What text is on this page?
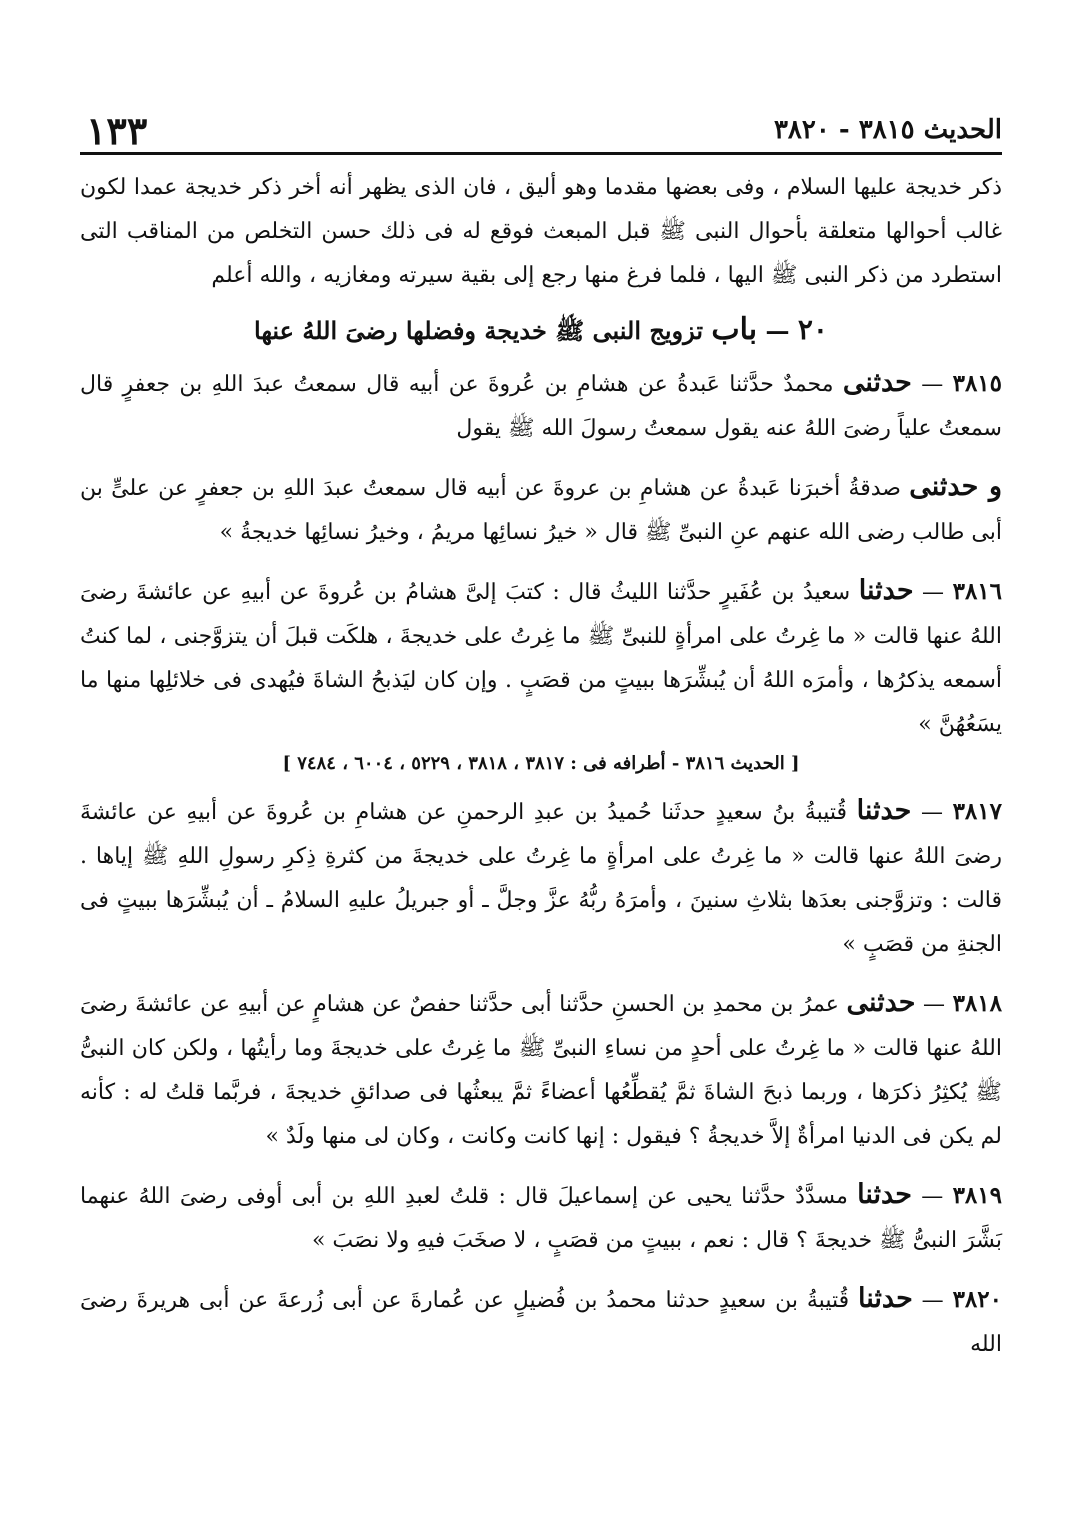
الحديث ٣٨١٥ - ٣٨٢٠
١٣٣

ذكر خديجة عليها السلام ، وفى بعضها مقدما وهو أليق ، فان الذى يظهر أنه أخر ذكر خديجة عمدا لكون غالب أحوالها متعلقة بأحوال النبى ﷺ قبل المبعث فوقع له فى ذلك حسن التخلص من المناقب التى استطرد من ذكر النبى ﷺ اليها ، فلما فرغ منها رجع إلى بقية سيرته ومغازيه ، والله أعلم

٢٠ — باب تزويج النبى ﷺ خديجة وفضلها رضىَ اللهُ عنها

٣٨١٥ — حدثنى محمدٌ حدَّثنا عَبدةُ عن هشامِ بن عُروةَ عن أبيه قال سمعتُ عبدَ اللهِ بن جعفرٍ قال سمعتُ علياً رضىَ اللهُ عنه يقول سمعتُ رسولَ الله ﷺ يقول

و حدثنى صدقةُ أخبرَنا عَبدةُ عن هشامِ بن عروةَ عن أبيه قال سمعتُ عبدَ اللهِ بن جعفرٍ عن علىٍّ بن أبى طالب رضى الله عنهم عنِ النبىِّ ﷺ قال « خيرُ نسائِها مريمُ ، وخيرُ نسائِها خديجةُ »

٣٨١٦ — حدثنا سعيدُ بن عُفَيرٍ حدَّثنا الليثُ قال : كتبَ إلىَّ هشامُ بن عُروةَ عن أبيهِ عن عائشةَ رضىَ اللهُ عنها قالت « ما غِرتُ على امرأةٍ للنبىِّ ﷺ ما غِرتُ على خديجةَ ، هلكَت قبلَ أن يتزوَّجنى ، لما كنتُ أسمعه يذكرُها ، وأمرَه اللهُ أن يُبشِّرَها ببيتٍ من قصَبٍ . وإن كان ليَذبحُ الشاةَ فيُهدى فى خلائلِها منها ما يسَعُهُنَّ »

[ الحديث ٣٨١٦ - أطرافه فى : ٣٨١٧ ، ٣٨١٨ ، ٥٢٢٩ ، ٦٠٠٤ ، ٧٤٨٤ ]

٣٨١٧ — حدثنا قُتيبةُ بنُ سعيدٍ حدثَنا حُميدُ بن عبدِ الرحمنِ عن هشامِ بن عُروةَ عن أبيهِ عن عائشةَ رضىَ اللهُ عنها قالت « ما غِرتُ على امرأةٍ ما غِرتُ على خديجةَ من كثرةِ ذِكرِ رسولِ اللهِ ﷺ إياها . قالت : وتزوَّجنى بعدَها بثلاثِ سنينَ ، وأمرَهُ ربُّهُ عزَّ وجلَّ ـ أو جبريلُ عليهِ السلامُ ـ أن يُبشِّرَها ببيتٍ فى الجنةِ من قصَبٍ »

٣٨١٨ — حدثنى عمرُ بن محمدِ بن الحسنِ حدَّثنا أبى حدَّثنا حفصٌ عن هشامٍ عن أبيهِ عن عائشةَ رضىَ اللهُ عنها قالت « ما غِرتُ على أحدٍ من نساءِ النبىِّ ﷺ ما غِرتُ على خديجةَ وما رأيتُها ، ولكن كان النبىُّ ﷺ يُكثِرُ ذكرَها ، وربما ذبحَ الشاةَ ثمَّ يُقطِّعُها أعضاءً ثمَّ يبعثُها فى صدائقِ خديجةَ ، فربَّما قلتُ له : كأنه لم يكن فى الدنيا امرأةٌ إلاَّ خديجةُ ؟ فيقول : إنها كانت وكانت ، وكان لى منها ولَدٌ »

٣٨١٩ — حدثنا مسدَّدٌ حدَّثنا يحيى عن إسماعيلَ قال : قلتُ لعبدِ اللهِ بن أبى أوفى رضىَ اللهُ عنهما بَشَّرَ النبىُّ ﷺ خديجةَ ؟ قال : نعم ، ببيتٍ من قصَبٍ ، لا صخَبَ فيهِ ولا نصَبَ »

٣٨٢٠ — حدثنا قُتيبةُ بن سعيدٍ حدثنا محمدُ بن فُضيلٍ عن عُمارةَ عن أبى زُرعةَ عن أبى هريرةَ رضىَ الله
